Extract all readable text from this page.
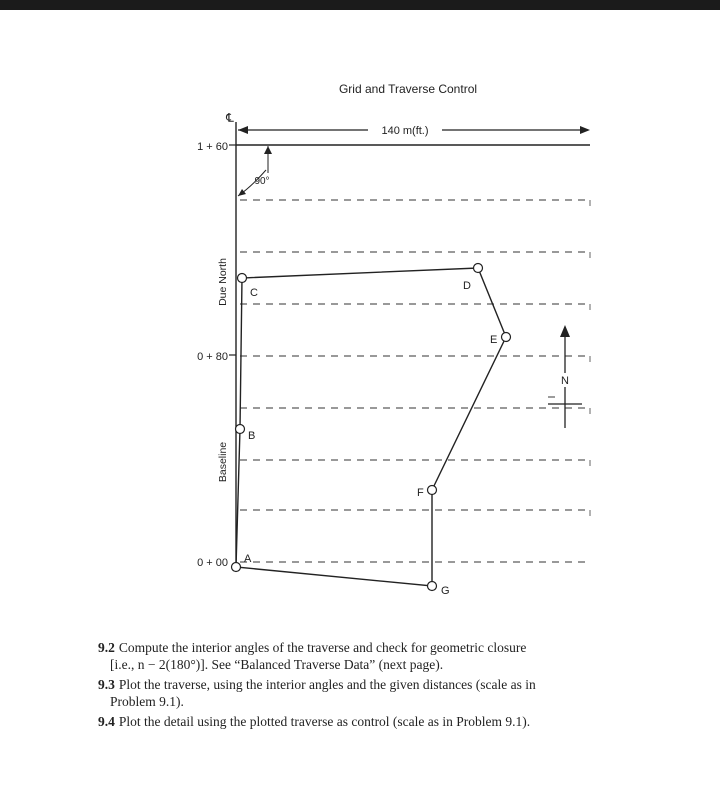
Grid and Traverse Control
℄
140 m(ft.)
90°
1 + 60
0 + 80
0 + 00
Due North
Baseline
A
B
C
D
E
F
G
N
9.2 Compute the interior angles of the traverse and check for geometric closure
[i.e., n − 2(180°)]. See “Balanced Traverse Data” (next page).
9.3 Plot the traverse, using the interior angles and the given distances (scale as in
Problem 9.1).
9.4 Plot the detail using the plotted traverse as control (scale as in Problem 9.1).
